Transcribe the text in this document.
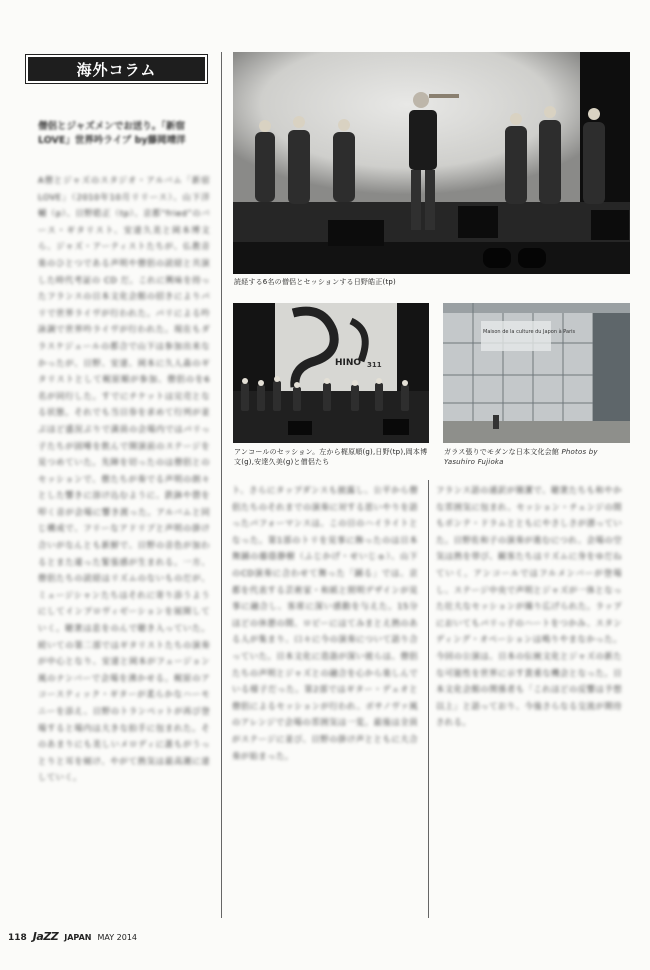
海外コラム
僧侶とジャズメンでお送り。「新宿LOVE」世界吟ライブ by藤岡靖洋
A僧とジャズのスタジオ・アルバム「新宿LOVE」（2010年10月リリース）、山下洋輔（p）、日野皓正（tp）、京都“fried”のバース・ギタリスト、安達久美と岡本博文ら、ジャズ・アーティストたちが、仏教音楽のひとつである声明や僧侶の読経と共演した時代考証の CD だ。これに興味を持ったフランスの日本文化会館の招きによりパリで世界ライヴが行われた。パリによる吟詠調で世界吟ライヴが行われた。現在もダラスケジュールの都合で山下は参加出来なかったが、日野、安達、岡本に久人森のギタリストとして梶原順が参加、僧侶のを6名が同行した。すでにチケットは完売となる状態。それでも当日券を求めて行列が並ぶほど盛況ぶりで満員の会場内ではパリっ子たちが固唾を飲んで開演前のステージを見つめていた。先陣を切ったのは僧侶とのセッションで、僧たちが奏でる声明の朗々とした響きに溶け込むように、鉄鉢や磬を叩く音が会場に響き渡った。アルバムと同じ構成で、フリーなアドリブと声明の掛け合いがなんとも新鮮で、日野の音色が加わるとまた違った緊張感が生まれる。一方、僧侶たちの読経はリズムのないものだが、ミュージシャンたちはそれに寄り添うようにしてインプロヴィゼーションを展開していく。聴衆は息をのんで聴き入っていた。続いての第二部ではギタリストたちの演奏が中心となり、安達と岡本がフュージョン風のナンバーで会場を沸かせる。梶原のアコースティック・ギターが柔らかなハーモニーを添え、日野のトランペットが再び登場すると場内は大きな拍手に包まれた。そのあまりにも美しいメロディに誰もがうっとりと耳を傾け、やがて熱気は最高潮に達していく。
ト、さらにタップダンスも披露し、公平から僧侶たちのそれまでの演奏に対する思いやりを語ったパフォーマンスは、この日のハイライトとなった。第1部のトリを見事に飾ったのは日本舞踊の藤蔭静樹（ふじかげ・せいじゅ）、山下のCD演奏に合わせて舞った「踊る」では、京都を代表する芸術家・和紙と照明デザインが見事に融合し、客席に深い感動を与えた。15分ほどの休憩の間、ロビーにはてみまとえ熱のある人が集まり、口々に今の演奏について語り合っていた。日本文化に造詣が深い彼らは、僧侶たちの声明とジャズとの融合を心から楽しんでいる様子だった。第2部ではギター・デュオと僧侶によるセッションが行われ、ボサノヴァ風のアレンジで会場の雰囲気は一変。最後は全員がステージに並び、日野の掛け声とともに大合奏が始まった。
フランス語の通訳が簡潔で、聴衆たちも和やかな雰囲気に包まれ、セッション・チェンジの間もポンテ・ドラムとともにやさしさが漂っていた。日野佐和子の演奏が進むにつれ、会場の空気は熱を帯び、観客たちはリズムに身をゆだねていく。アンコールではフルメンバーが登場し、ステージ中央で声明とジャズが一体となった壮大なセッションが繰り広げられた。ラップにおいてもパリっ子のハートをつかみ、スタンディング・オベーションは鳴りやまなかった。今回の公演は、日本の伝統文化とジャズの新たな可能性を世界に示す貴重な機会となった。日本文化会館の関係者も「これほどの反響は予想以上」と語っており、今後さらなる交流が期待される。
読経する6名の僧侶とセッションする日野皓正(tp)
HINO 311
アンコールのセッション。左から梶原順(g),日野(tp),岡本博文(g),安達久美(g)と僧侶たち
Maison de la culture du Japon à Paris
ガラス張りでモダンな日本文化会館 Photos by Yasuhiro Fujioka
118 JaZZ JAPAN MAY 2014
